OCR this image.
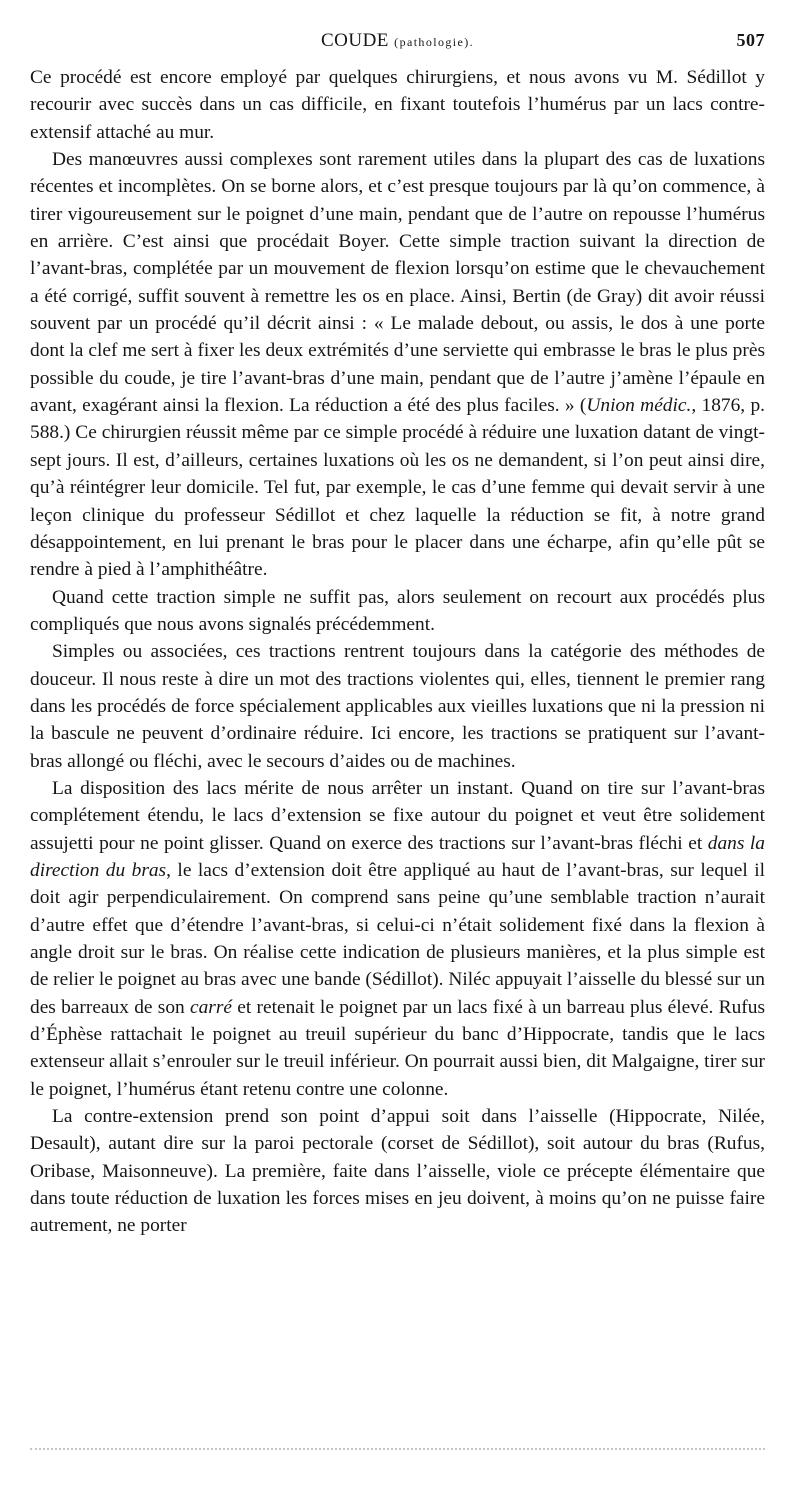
COUDE (pathologie).	507

Ce procédé est encore employé par quelques chirurgiens, et nous avons vu M. Sédillot y recourir avec succès dans un cas difficile, en fixant toutefois l’humérus par un lacs contre-extensif attaché au mur.

Des manœuvres aussi complexes sont rarement utiles dans la plupart des cas de luxations récentes et incomplètes. On se borne alors, et c’est presque toujours par là qu’on commence, à tirer vigoureusement sur le poignet d’une main, pendant que de l’autre on repousse l’humérus en arrière. C’est ainsi que procédait Boyer. Cette simple traction suivant la direction de l’avant-bras, complétée par un mouvement de flexion lorsqu’on estime que le chevauchement a été corrigé, suffit souvent à remettre les os en place. Ainsi, Bertin (de Gray) dit avoir réussi souvent par un procédé qu’il décrit ainsi : « Le malade debout, ou assis, le dos à une porte dont la clef me sert à fixer les deux extrémités d’une serviette qui embrasse le bras le plus près possible du coude, je tire l’avant-bras d’une main, pendant que de l’autre j’amène l’épaule en avant, exagérant ainsi la flexion. La réduction a été des plus faciles. » (Union médic., 1876, p. 588.) Ce chirurgien réussit même par ce simple procédé à réduire une luxation datant de vingt-sept jours. Il est, d’ailleurs, certaines luxations où les os ne demandent, si l’on peut ainsi dire, qu’à réintégrer leur domicile. Tel fut, par exemple, le cas d’une femme qui devait servir à une leçon clinique du professeur Sédillot et chez laquelle la réduction se fit, à notre grand désappointement, en lui prenant le bras pour le placer dans une écharpe, afin qu’elle pût se rendre à pied à l’amphithéâtre.

Quand cette traction simple ne suffit pas, alors seulement on recourt aux procédés plus compliqués que nous avons signalés précédemment.

Simples ou associées, ces tractions rentrent toujours dans la catégorie des méthodes de douceur. Il nous reste à dire un mot des tractions violentes qui, elles, tiennent le premier rang dans les procédés de force spécialement applicables aux vieilles luxations que ni la pression ni la bascule ne peuvent d’ordinaire réduire. Ici encore, les tractions se pratiquent sur l’avant-bras allongé ou fléchi, avec le secours d’aides ou de machines.

La disposition des lacs mérite de nous arrêter un instant. Quand on tire sur l’avant-bras complétement étendu, le lacs d’extension se fixe autour du poignet et veut être solidement assujetti pour ne point glisser. Quand on exerce des tractions sur l’avant-bras fléchi et dans la direction du bras, le lacs d’extension doit être appliqué au haut de l’avant-bras, sur lequel il doit agir perpendiculairement. On comprend sans peine qu’une semblable traction n’aurait d’autre effet que d’étendre l’avant-bras, si celui-ci n’était solidement fixé dans la flexion à angle droit sur le bras. On réalise cette indication de plusieurs manières, et la plus simple est de relier le poignet au bras avec une bande (Sédillot). Niléc appuyait l’aisselle du blessé sur un des barreaux de son carré et retenait le poignet par un lacs fixé à un barreau plus élevé. Rufus d’Éphèse rattachait le poignet au treuil supérieur du banc d’Hippocrate, tandis que le lacs extenseur allait s’enrouler sur le treuil inférieur. On pourrait aussi bien, dit Malgaigne, tirer sur le poignet, l’humérus étant retenu contre une colonne.

La contre-extension prend son point d’appui soit dans l’aisselle (Hippocrate, Nilée, Desault), autant dire sur la paroi pectorale (corset de Sédillot), soit autour du bras (Rufus, Oribase, Maisonneuve). La première, faite dans l’aisselle, viole ce précepte élémentaire que dans toute réduction de luxation les forces mises en jeu doivent, à moins qu’on ne puisse faire autrement, ne porter
